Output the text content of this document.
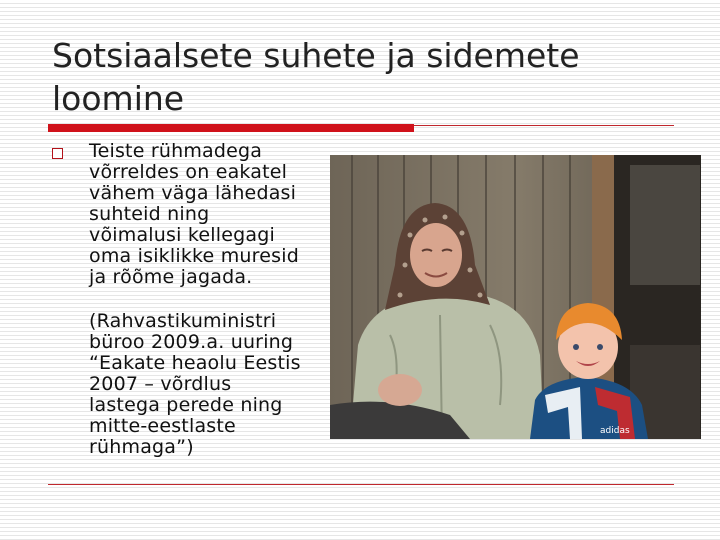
Sotsiaalsete suhete ja sidemete
loomine

Teiste rühmadega
võrreldes on eakatel
vähem väga lähedasi
suhteid ning
võimalusi kellegagi
oma isiklikke muresid
ja rõõme jagada.

(Rahvastikuministri
büroo 2009.a. uuring
“Eakate heaolu Eestis
2007 – võrdlus
lastega perede ning
mitte-eestlaste
rühmaga”)

adidas
